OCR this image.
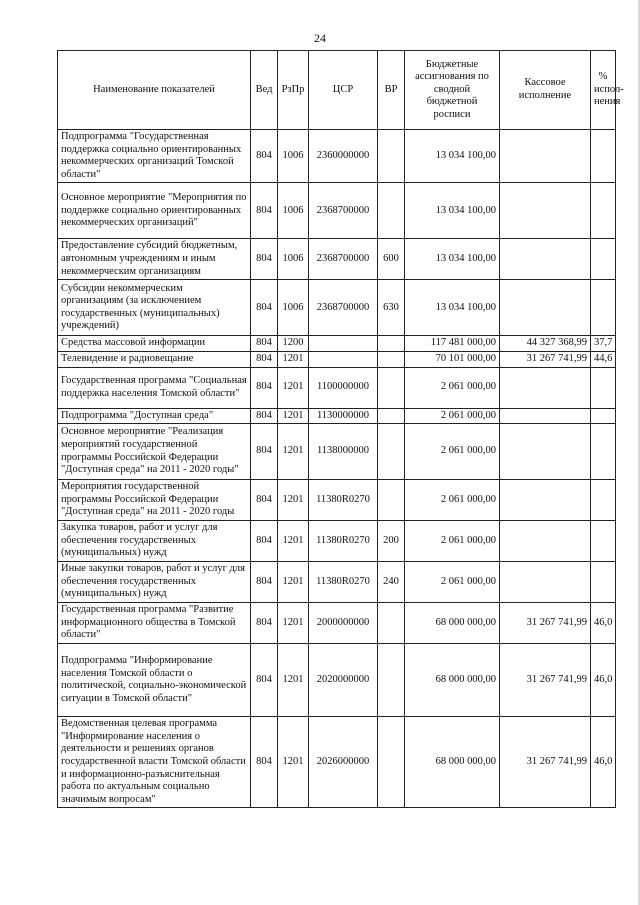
24
Наименование показателей	Вед	РзПр	ЦСР	ВР	Бюджетные ассигнования по сводной бюджетной росписи	Кассовое исполнение	% испол-нения
Подпрограмма "Государственная поддержка социально ориентированных некоммерческих организаций Томской области"	804	1006	2360000000		13 034 100,00		
Основное мероприятие "Мероприятия по поддержке социально ориентированных некоммерческих организаций"	804	1006	2368700000		13 034 100,00		
Предоставление субсидий бюджетным, автономным учреждениям и иным некоммерческим организациям	804	1006	2368700000	600	13 034 100,00		
Субсидии некоммерческим организациям (за исключением государственных (муниципальных) учреждений)	804	1006	2368700000	630	13 034 100,00		
Средства массовой информации	804	1200			117 481 000,00	44 327 368,99	37,7
Телевидение и радиовещание	804	1201			70 101 000,00	31 267 741,99	44,6
Государственная программа "Социальная поддержка населения Томской области"	804	1201	1100000000		2 061 000,00		
Подпрограмма "Доступная среда"	804	1201	1130000000		2 061 000,00		
Основное мероприятие "Реализация мероприятий государственной программы Российской Федерации "Доступная среда" на 2011 - 2020 годы"	804	1201	1138000000		2 061 000,00		
Мероприятия государственной программы Российской Федерации "Доступная среда" на 2011 - 2020 годы	804	1201	11380R0270		2 061 000,00		
Закупка товаров, работ и услуг для обеспечения государственных (муниципальных) нужд	804	1201	11380R0270	200	2 061 000,00		
Иные закупки товаров, работ и услуг для обеспечения государственных (муниципальных) нужд	804	1201	11380R0270	240	2 061 000,00		
Государственная программа "Развитие информационного общества в Томской области"	804	1201	2000000000		68 000 000,00	31 267 741,99	46,0
Подпрограмма "Информирование населения Томской области о политической, социально-экономической ситуации в Томской области"	804	1201	2020000000		68 000 000,00	31 267 741,99	46,0
Ведомственная целевая программа "Информирование населения о деятельности и решениях органов государственной власти Томской области и информационно-разъяснительная работа по актуальным социально значимым вопросам"	804	1201	2026000000		68 000 000,00	31 267 741,99	46,0
